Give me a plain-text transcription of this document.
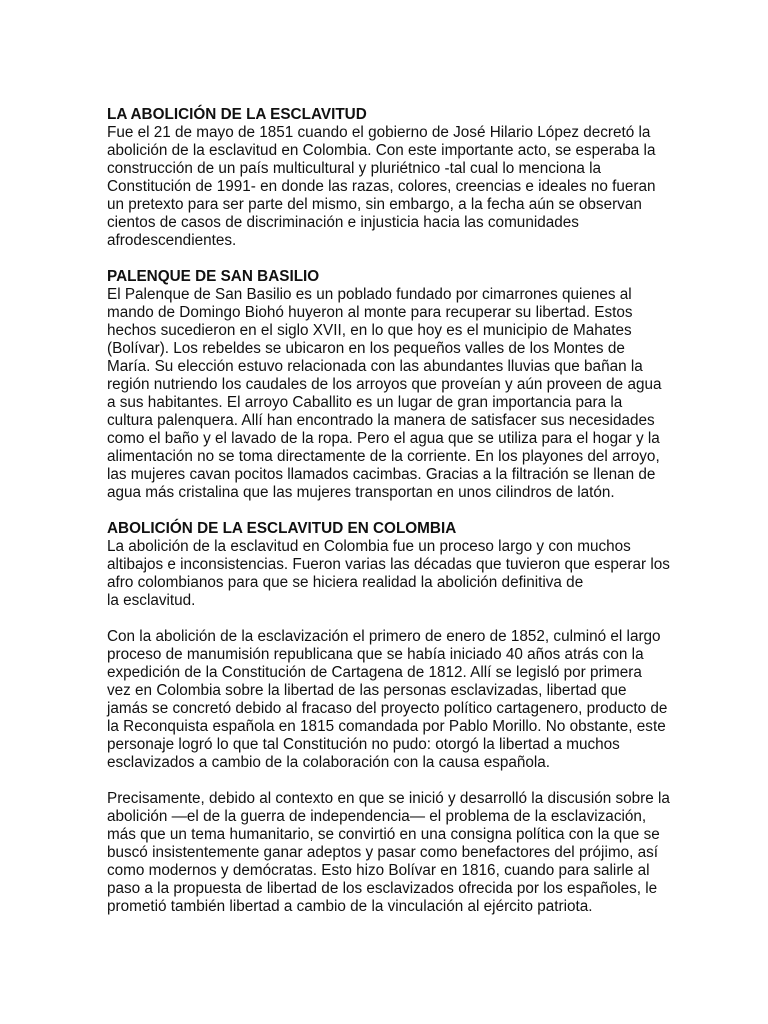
LA ABOLICIÓN DE LA ESCLAVITUD
Fue el 21 de mayo de 1851 cuando el gobierno de José Hilario López decretó la
abolición de la esclavitud en Colombia. Con este importante acto, se esperaba la
construcción de un país multicultural y pluriétnico -tal cual lo menciona la
Constitución de 1991- en donde las razas, colores, creencias e ideales no fueran
un pretexto para ser parte del mismo, sin embargo, a la fecha aún se observan
cientos de casos de discriminación e injusticia hacia las comunidades
afrodescendientes.
PALENQUE DE SAN BASILIO
El Palenque de San Basilio es un poblado fundado por cimarrones quienes al
mando de Domingo Biohó huyeron al monte para recuperar su libertad. Estos
hechos sucedieron en el siglo XVII, en lo que hoy es el municipio de Mahates
(Bolívar). Los rebeldes se ubicaron en los pequeños valles de los Montes de
María. Su elección estuvo relacionada con las abundantes lluvias que bañan la
región nutriendo los caudales de los arroyos que proveían y aún proveen de agua
a sus habitantes. El arroyo Caballito es un lugar de gran importancia para la
cultura palenquera. Allí han encontrado la manera de satisfacer sus necesidades
como el baño y el lavado de la ropa. Pero el agua que se utiliza para el hogar y la
alimentación no se toma directamente de la corriente. En los playones del arroyo,
las mujeres cavan pocitos llamados cacimbas. Gracias a la filtración se llenan de
agua más cristalina que las mujeres transportan en unos cilindros de latón.
ABOLICIÓN DE LA ESCLAVITUD EN COLOMBIA
La abolición de la esclavitud en Colombia fue un proceso largo y con muchos
altibajos e inconsistencias. Fueron varias las décadas que tuvieron que esperar los
afro colombianos para que se hiciera realidad la abolición definitiva de
la esclavitud.
Con la abolición de la esclavización el primero de enero de 1852, culminó el largo
proceso de manumisión republicana que se había iniciado 40 años atrás con la
expedición de la Constitución de Cartagena de 1812. Allí se legisló por primera
vez en Colombia sobre la libertad de las personas esclavizadas, libertad que
jamás se concretó debido al fracaso del proyecto político cartagenero, producto de
la Reconquista española en 1815 comandada por Pablo Morillo. No obstante, este
personaje logró lo que tal Constitución no pudo: otorgó la libertad a muchos
esclavizados a cambio de la colaboración con la causa española.
Precisamente, debido al contexto en que se inició y desarrolló la discusión sobre la
abolición —el de la guerra de independencia— el problema de la esclavización,
más que un tema humanitario, se convirtió en una consigna política con la que se
buscó insistentemente ganar adeptos y pasar como benefactores del prójimo, así
como modernos y demócratas. Esto hizo Bolívar en 1816, cuando para salirle al
paso a la propuesta de libertad de los esclavizados ofrecida por los españoles, le
prometió también libertad a cambio de la vinculación al ejército patriota.
